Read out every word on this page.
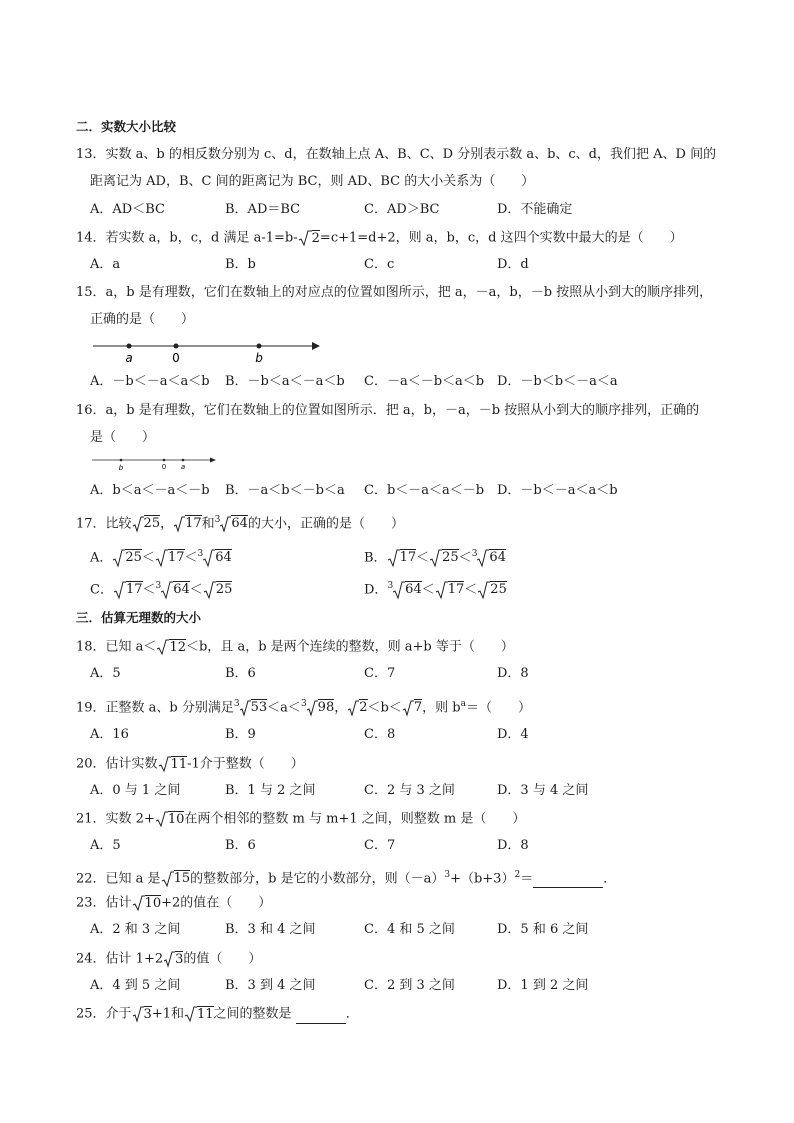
二．实数大小比较
13．实数 a、b 的相反数分别为 c、d，在数轴上点 A、B、C、D 分别表示数 a、b、c、d，我们把 A、D 间的
距离记为 AD，B、C 间的距离记为 BC，则 AD、BC 的大小关系为（　　）
A．AD＜BC	B．AD＝BC	C．AD＞BC	D．不能确定
14．若实数 a，b，c，d 满足 a-1=b- 2=c+1=d+2，则 a，b，c，d 这四个实数中最大的是（　　）
A．a	B．b	C．c	D．d
15．a，b 是有理数，它们在数轴上的对应点的位置如图所示，把 a，－a，b，－b 按照从小到大的顺序排列，
正确的是（　　）
a	0	b
A．－b＜－a＜a＜b B．－b＜a＜－a＜b C．－a＜－b＜a＜b D．－b＜b＜－a＜a
16．a，b 是有理数，它们在数轴上的位置如图所示．把 a，b，－a，－b 按照从小到大的顺序排列，正确的
是（　　）
b	0 a
A．b＜a＜－a＜－b B．－a＜b＜－b＜a C．b＜－a＜a＜－b D．－b＜－a＜a＜b
17．比较 25， 17和$^3$ 64的大小，正确的是（　　）
A． 25＜ 17＜$^3$ 64	B． 17＜ 25＜$^3$ 64
C． 17＜$^3$ 64＜ 25	D．$^3$ 64＜ 17＜ 25
三．估算无理数的大小
18．已知 a＜ 12＜b，且 a，b 是两个连续的整数，则 a+b 等于（　　）
A．5	B．6	C．7	D．8
19．正整数 a、b 分别满足$^3$ 53＜a＜$^3$ 98， 2＜b＜ 7，则 $b^a=$（　　）
A．16	B．9	C．8	D．4
20．估计实数 11-1介于整数（　　）
A．0 与 1 之间	B．1 与 2 之间	C．2 与 3 之间	D．3 与 4 之间
21．实数 2+ 10在两个相邻的整数 m 与 m+1 之间，则整数 m 是（　　）
A．5	B．6	C．7	D．8
22．已知 a 是 15的整数部分，b 是它的小数部分，则$(-a)^3+(b+3)^2=$	．
23．估计 10+2的值在（　　）
A．2 和 3 之间	B．3 和 4 之间	C．4 和 5 之间	D．5 和 6 之间
24．估计 1+2 3的值（　　）
A．4 到 5 之间	B．3 到 4 之间	C．2 到 3 之间	D．1 到 2 之间
25．介于 3+1和 11之间的整数是	．
